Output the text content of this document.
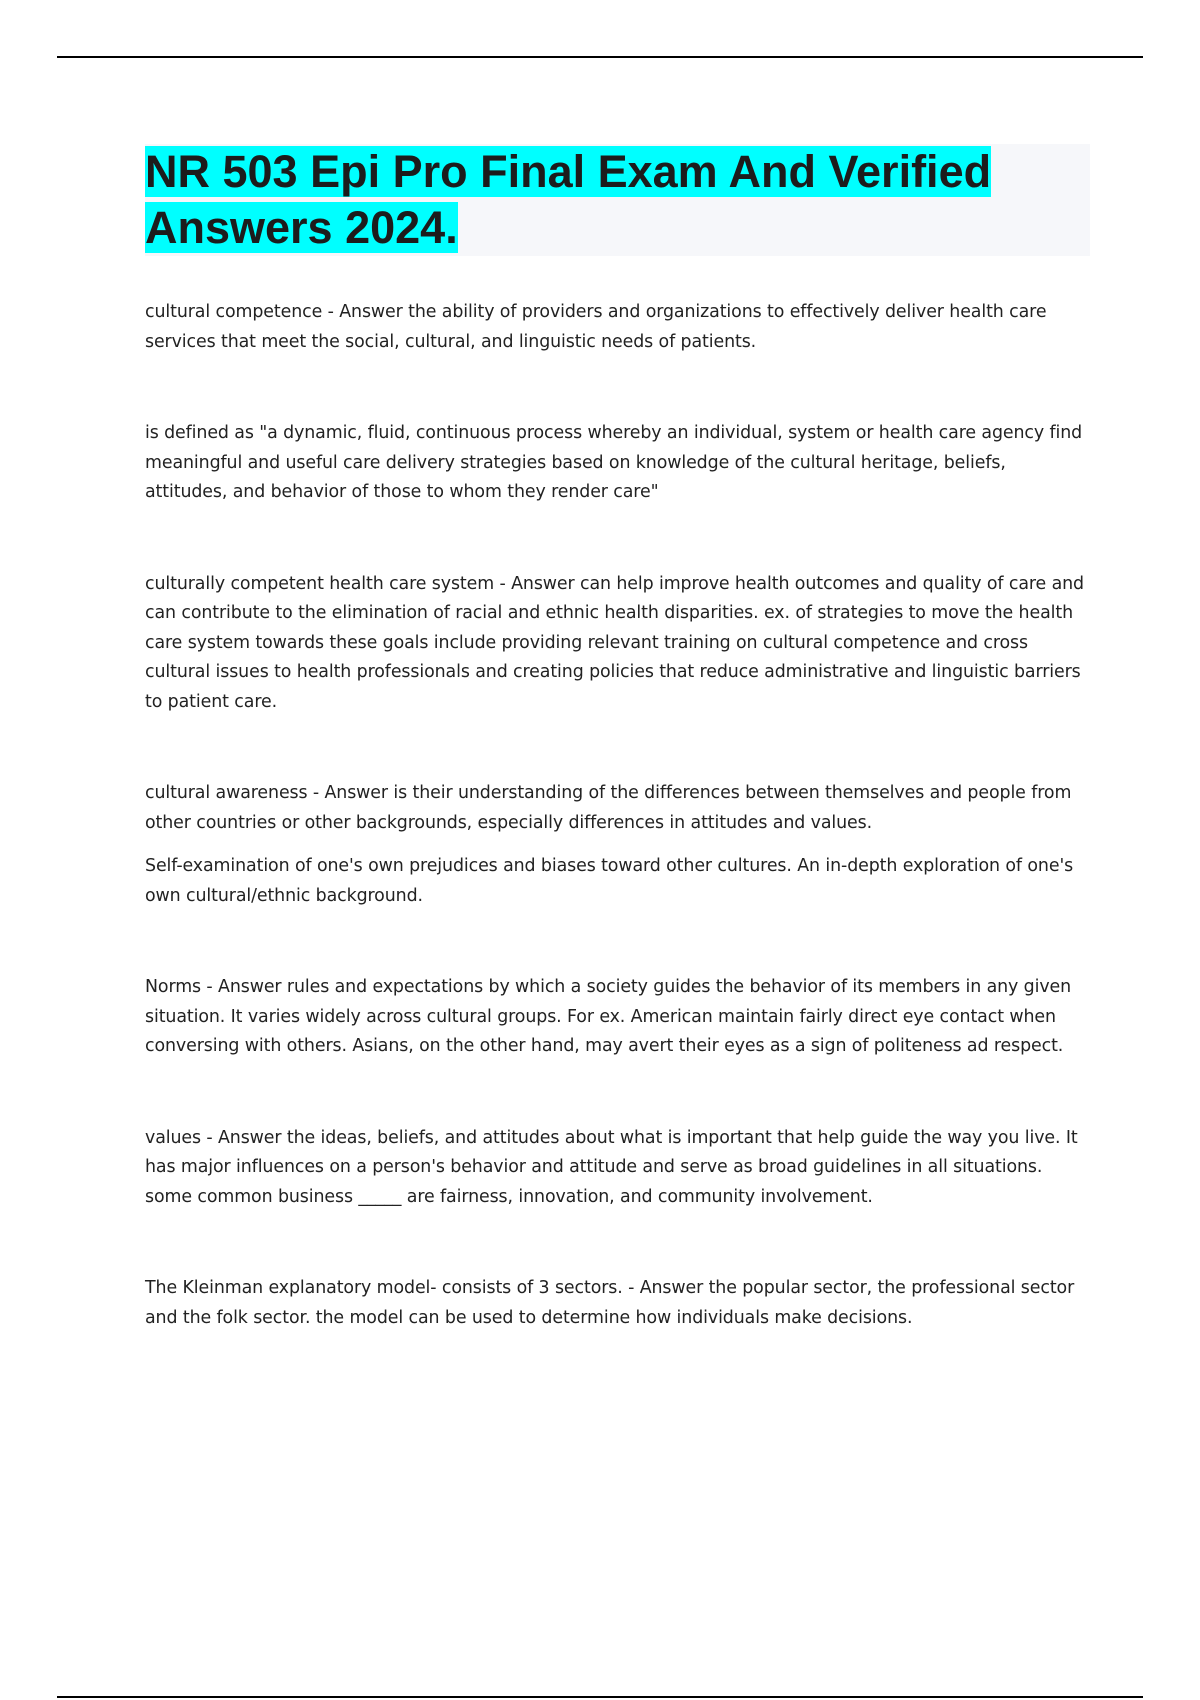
NR 503 Epi Pro Final Exam And Verified Answers 2024.

cultural competence - Answer the ability of providers and organizations to effectively deliver health care services that meet the social, cultural, and linguistic needs of patients.

is defined as "a dynamic, fluid, continuous process whereby an individual, system or health care agency find meaningful and useful care delivery strategies based on knowledge of the cultural heritage, beliefs, attitudes, and behavior of those to whom they render care"

culturally competent health care system - Answer can help improve health outcomes and quality of care and can contribute to the elimination of racial and ethnic health disparities. ex. of strategies to move the health care system towards these goals include providing relevant training on cultural competence and cross cultural issues to health professionals and creating policies that reduce administrative and linguistic barriers to patient care.

cultural awareness - Answer is their understanding of the differences between themselves and people from other countries or other backgrounds, especially differences in attitudes and values.

Self-examination of one's own prejudices and biases toward other cultures. An in-depth exploration of one's own cultural/ethnic background.

Norms - Answer rules and expectations by which a society guides the behavior of its members in any given situation. It varies widely across cultural groups. For ex. American maintain fairly direct eye contact when conversing with others. Asians, on the other hand, may avert their eyes as a sign of politeness ad respect.

values - Answer the ideas, beliefs, and attitudes about what is important that help guide the way you live. It has major influences on a person's behavior and attitude and serve as broad guidelines in all situations. some common business _____ are fairness, innovation, and community involvement.

The Kleinman explanatory model- consists of 3 sectors. - Answer the popular sector, the professional sector and the folk sector. the model can be used to determine how individuals make decisions.
